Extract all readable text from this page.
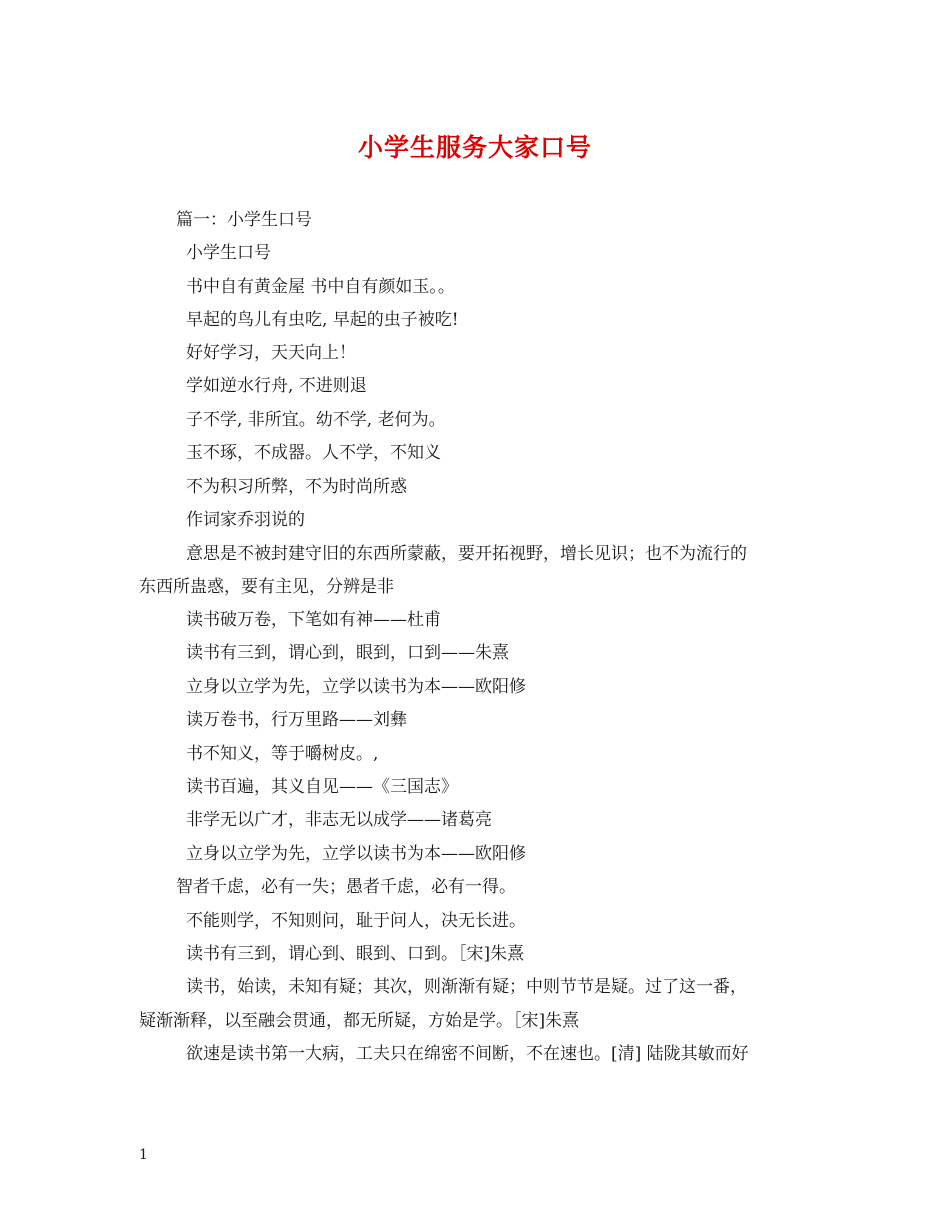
小学生服务大家口号
篇一：小学生口号
小学生口号
书中自有黄金屋 书中自有颜如玉。。
早起的鸟儿有虫吃, 早起的虫子被吃!
好好学习，天天向上！
学如逆水行舟, 不进则退
子不学, 非所宜。幼不学, 老何为。
玉不琢，不成器。人不学，不知义
不为积习所弊，不为时尚所惑
作词家乔羽说的
意思是不被封建守旧的东西所蒙蔽，要开拓视野，增长见识；也不为流行的
东西所蛊惑，要有主见，分辨是非
读书破万卷，下笔如有神——杜甫
读书有三到，谓心到，眼到，口到——朱熹
立身以立学为先，立学以读书为本——欧阳修
读万卷书，行万里路——刘彝
书不知义，等于嚼树皮。,
读书百遍，其义自见——《三国志》
非学无以广才，非志无以成学——诸葛亮
立身以立学为先，立学以读书为本——欧阳修
智者千虑，必有一失；愚者千虑，必有一得。
不能则学，不知则问，耻于问人，决无长进。
读书有三到，谓心到、眼到、口到。［宋]朱熹
读书，始读，未知有疑；其次，则渐渐有疑；中则节节是疑。过了这一番，
疑渐渐释，以至融会贯通，都无所疑，方始是学。［宋]朱熹
欲速是读书第一大病，工夫只在绵密不间断，不在速也。[清] 陆陇其敏而好
1
